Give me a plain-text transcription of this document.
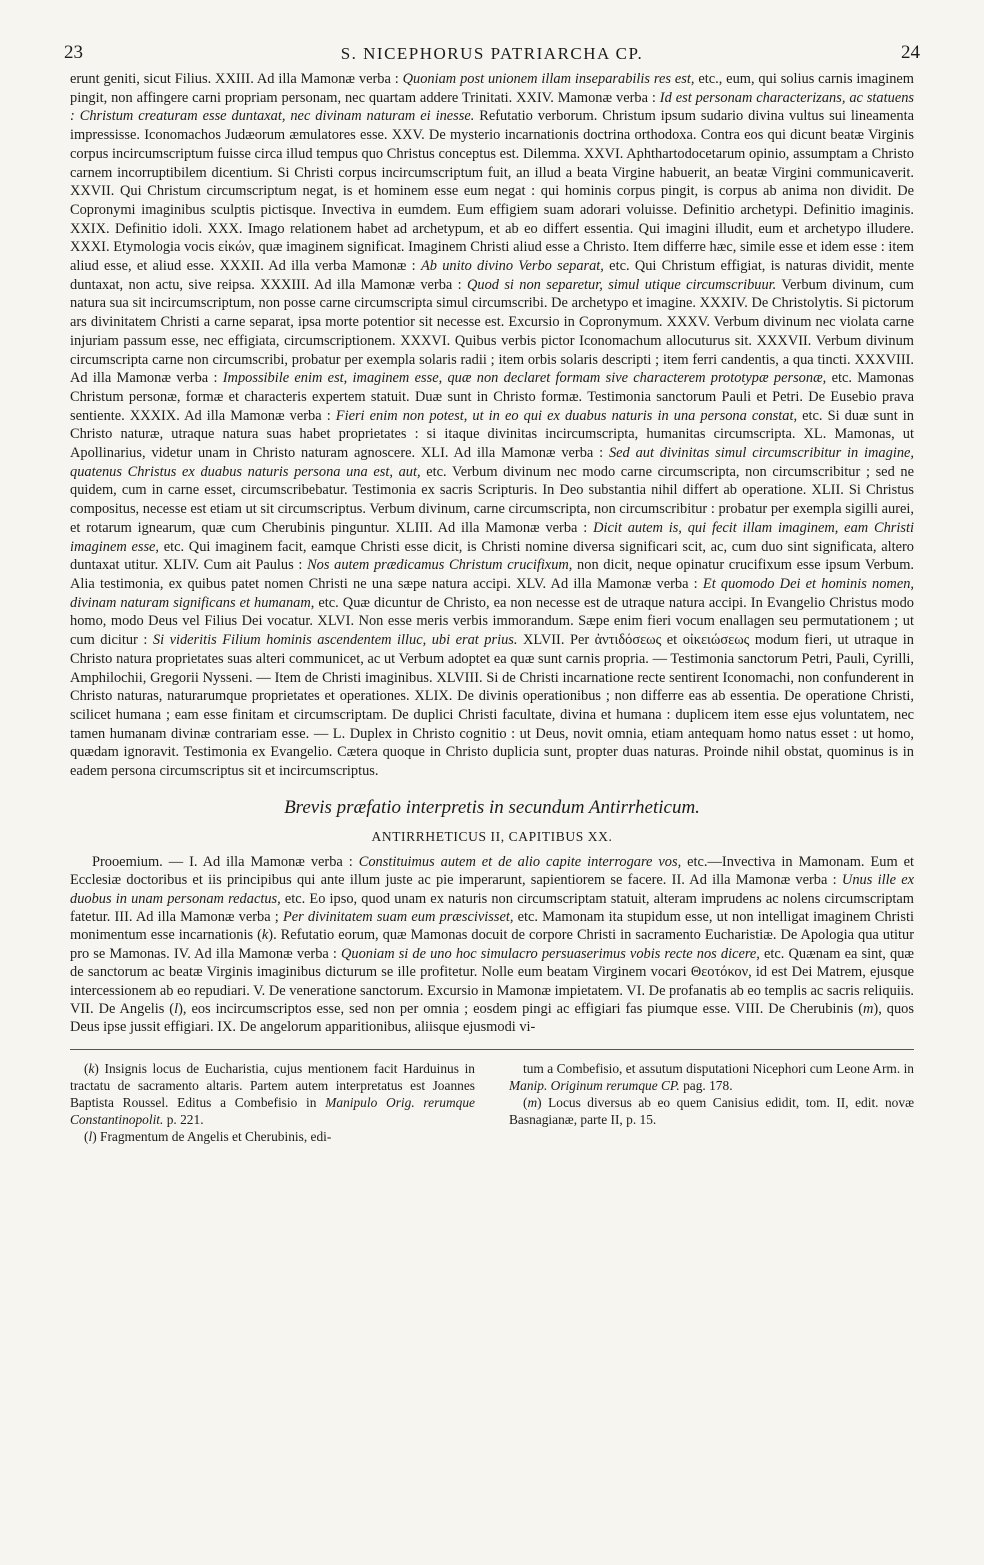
23	S. NICEPHORUS PATRIARCHA CP.	24

erunt geniti, sicut Filius. XXIII. Ad illa Mamonæ verba : Quoniam post unionem illam inseparabilis res est, etc., eum, qui solius carnis imaginem pingit, non affingere carni propriam personam, nec quartam addere Trinitati. XXIV. Mamonæ verba : Id est personam characterizans, ac statuens : Christum creaturam esse duntaxat, nec divinam naturam ei inesse. Refutatio verborum. Christum ipsum sudario divina vultus sui lineamenta impressisse. Iconomachos Judæorum æmulatores esse. XXV. De mysterio incarnationis doctrina orthodoxa. Contra eos qui dicunt beatæ Virginis corpus incircumscriptum fuisse circa illud tempus quo Christus conceptus est. Dilemma. XXVI. Aphthartodocetarum opinio, assumptam a Christo carnem incorruptibilem dicentium. Si Christi corpus incircumscriptum fuit, an illud a beata Virgine habuerit, an beatæ Virgini communicaverit. XXVII. Qui Christum circumscriptum negat, is et hominem esse eum negat : qui hominis corpus pingit, is corpus ab anima non dividit. De Copronymi imaginibus sculptis pictisque. Invectiva in eumdem. Eum effigiem suam adorari voluisse. Definitio archetypi. Definitio imaginis. XXIX. Definitio idoli. XXX. Imago relationem habet ad archetypum, et ab eo differt essentia. Qui imagini illudit, eum et archetypo illudere. XXXI. Etymologia vocis εἰκών, quæ imaginem significat. Imaginem Christi aliud esse a Christo. Item differre hæc, simile esse et idem esse : item aliud esse, et aliud esse. XXXII. Ad illa verba Mamonæ : Ab unito divino Verbo separat, etc. Qui Christum effigiat, is naturas dividit, mente duntaxat, non actu, sive reipsa. XXXIII. Ad illa Mamonæ verba : Quod si non separetur, simul utique circumscribuur. Verbum divinum, cum natura sua sit incircumscriptum, non posse carne circumscripta simul circumscribi. De archetypo et imagine. XXXIV. De Christolytis. Si pictorum ars divinitatem Christi a carne separat, ipsa morte potentior sit necesse est. Excursio in Copronymum. XXXV. Verbum divinum nec violata carne injuriam passum esse, nec effigiata, circumscriptionem. XXXVI. Quibus verbis pictor Iconomachum allocuturus sit. XXXVII. Verbum divinum circumscripta carne non circumscribi, probatur per exempla solaris radii ; item orbis solaris descripti ; item ferri candentis, a qua tincti. XXXVIII. Ad illa Mamonæ verba : Impossibile enim est, imaginem esse, quæ non declaret formam sive characterem prototypæ personæ, etc. Mamonas Christum personæ, formæ et characteris expertem statuit. Duæ sunt in Christo formæ. Testimonia sanctorum Pauli et Petri. De Eusebio prava sentiente. XXXIX. Ad illa Mamonæ verba : Fieri enim non potest, ut in eo qui ex duabus naturis in una persona constat, etc. Si duæ sunt in Christo naturæ, utraque natura suas habet proprietates : si itaque divinitas incircumscripta, humanitas circumscripta. XL. Mamonas, ut Apollinarius, videtur unam in Christo naturam agnoscere. XLI. Ad illa Mamonæ verba : Sed aut divinitas simul circumscribitur in imagine, quatenus Christus ex duabus naturis persona una est, aut, etc. Verbum divinum nec modo carne circumscripta, non circumscribitur ; sed ne quidem, cum in carne esset, circumscribebatur. Testimonia ex sacris Scripturis. In Deo substantia nihil differt ab operatione. XLII. Si Christus compositus, necesse est etiam ut sit circumscriptus. Verbum divinum, carne circumscripta, non circumscribitur : probatur per exempla sigilli aurei, et rotarum ignearum, quæ cum Cherubinis pinguntur. XLIII. Ad illa Mamonæ verba : Dicit autem is, qui fecit illam imaginem, eam Christi imaginem esse, etc. Qui imaginem facit, eamque Christi esse dicit, is Christi nomine diversa significari scit, ac, cum duo sint significata, altero duntaxat utitur. XLIV. Cum ait Paulus : Nos autem prædicamus Christum crucifixum, non dicit, neque opinatur crucifixum esse ipsum Verbum. Alia testimonia, ex quibus patet nomen Christi ne una sæpe natura accipi. XLV. Ad illa Mamonæ verba : Et quomodo Dei et hominis nomen, divinam naturam significans et humanam, etc. Quæ dicuntur de Christo, ea non necesse est de utraque natura accipi. In Evangelio Christus modo homo, modo Deus vel Filius Dei vocatur. XLVI. Non esse meris verbis immorandum. Sæpe enim fieri vocum enallagen seu permutationem ; ut cum dicitur : Si videritis Filium hominis ascendentem illuc, ubi erat prius. XLVII. Per ἀντιδόσεως et οἰκειώσεως modum fieri, ut utraque in Christo natura proprietates suas alteri communicet, ac ut Verbum adoptet ea quæ sunt carnis propria. — Testimonia sanctorum Petri, Pauli, Cyrilli, Amphilochii, Gregorii Nysseni. — Item de Christi imaginibus. XLVIII. Si de Christi incarnatione recte sentirent Iconomachi, non confunderent in Christo naturas, naturarumque proprietates et operationes. XLIX. De divinis operationibus ; non differre eas ab essentia. De operatione Christi, scilicet humana ; eam esse finitam et circumscriptam. De duplici Christi facultate, divina et humana : duplicem item esse ejus voluntatem, nec tamen humanam divinæ contrariam esse. — L. Duplex in Christo cognitio : ut Deus, novit omnia, etiam antequam homo natus esset : ut homo, quædam ignoravit. Testimonia ex Evangelio. Cætera quoque in Christo duplicia sunt, propter duas naturas. Proinde nihil obstat, quominus is in eadem persona circumscriptus sit et incircumscriptus.

Brevis præfatio interpretis in secundum Antirrheticum.
ANTIRRHETICUS II, CAPITIBUS XX.

Prooemium. — I. Ad illa Mamonæ verba : Constituimus autem et de alio capite interrogare vos, etc.—Invectiva in Mamonam. Eum et Ecclesiæ doctoribus et iis principibus qui ante illum juste ac pie imperarunt, sapientiorem se facere. II. Ad illa Mamonæ verba : Unus ille ex duobus in unam personam redactus, etc. Eo ipso, quod unam ex naturis non circumscriptam statuit, alteram imprudens ac nolens circumscriptam fatetur. III. Ad illa Mamonæ verba ; Per divinitatem suam eum præscivisset, etc. Mamonam ita stupidum esse, ut non intelligat imaginem Christi monimentum esse incarnationis (k). Refutatio eorum, quæ Mamonas docuit de corpore Christi in sacramento Eucharistiæ. De Apologia qua utitur pro se Mamonas. IV. Ad illa Mamonæ verba : Quoniam si de uno hoc simulacro persuaserimus vobis recte nos dicere, etc. Quænam ea sint, quæ de sanctorum ac beatæ Virginis imaginibus dicturum se ille profitetur. Nolle eum beatam Virginem vocari Θεοτόκον, id est Dei Matrem, ejusque intercessionem ab eo repudiari. V. De veneratione sanctorum. Excursio in Mamonæ impietatem. VI. De profanatis ab eo templis ac sacris reliquiis. VII. De Angelis (l), eos incircumscriptos esse, sed non per omnia ; eosdem pingi ac effigiari fas piumque esse. VIII. De Cherubinis (m), quos Deus ipse jussit effigiari. IX. De angelorum apparitionibus, aliisque ejusmodi vi-

(k) Insignis locus de Eucharistia, cujus mentionem facit Harduinus in tractatu de sacramento altaris. Partem autem interpretatus est Joannes Baptista Roussel. Editus a Combefisio in Manipulo Orig. rerumque Constantinopolit. p. 221.

(l) Fragmentum de Angelis et Cherubinis, edi-

tum a Combefisio, et assutum disputationi Nicephori cum Leone Arm. in Manip. Originum rerumque CP. pag. 178.

(m) Locus diversus ab eo quem Canisius edidit, tom. II, edit. novæ Basnagianæ, parte II, p. 15.
